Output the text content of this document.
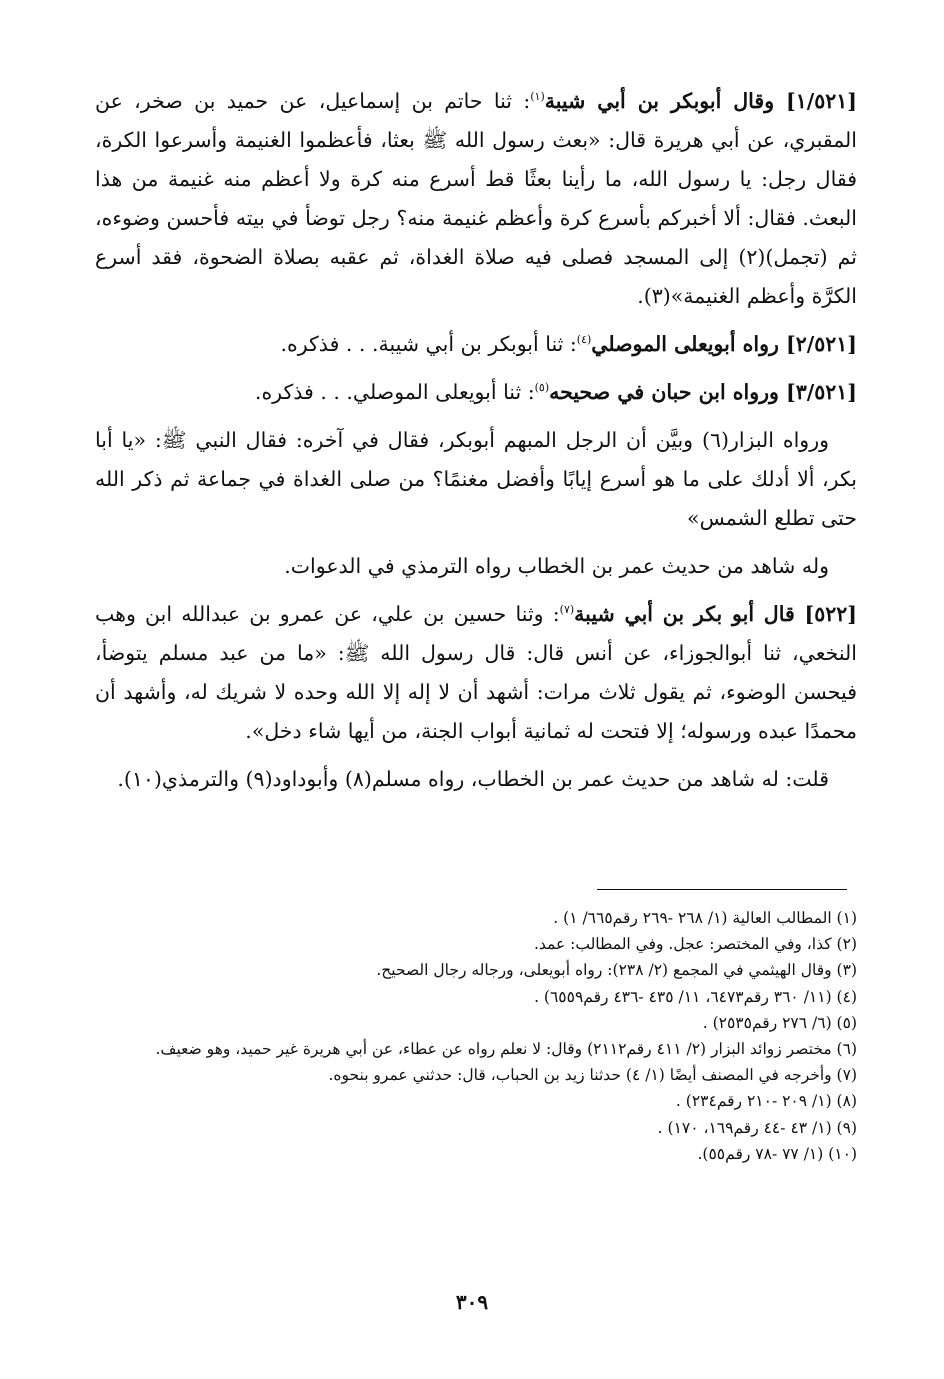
[١/٥٢١] وقال أبوبكر بن أبي شيبة$^{(١)}$: ثنا حاتم بن إسماعيل، عن حميد بن صخر، عن المقبري، عن أبي هريرة قال: «بعث رسول الله ﷺ بعثا، فأعظموا الغنيمة وأسرعوا الكرة، فقال رجل: يا رسول الله، ما رأينا بعثًا قط أسرع منه كرة ولا أعظم منه غنيمة من هذا البعث. فقال: ألا أخبركم بأسرع كرة وأعظم غنيمة منه؟ رجل توضأ في بيته فأحسن وضوءه، ثم (تجمل)(٢) إلى المسجد فصلى فيه صلاة الغداة، ثم عقبه بصلاة الضحوة، فقد أسرع الكرَّة وأعظم الغنيمة»(٣).

[٢/٥٢١] رواه أبويعلى الموصلي$^{(٤)}$: ثنا أبوبكر بن أبي شيبة. . . فذكره.

[٣/٥٢١] ورواه ابن حبان في صحيحه$^{(٥)}$: ثنا أبويعلى الموصلي. . . فذكره.

ورواه البزار(٦) وبيَّن أن الرجل المبهم أبوبكر، فقال في آخره: فقال النبي ﷺ: «يا أبا بكر، ألا أدلك على ما هو أسرع إيابًا وأفضل مغنمًا؟ من صلى الغداة في جماعة ثم ذكر الله حتى تطلع الشمس»

وله شاهد من حديث عمر بن الخطاب رواه الترمذي في الدعوات.

[٥٢٢] قال أبو بكر بن أبي شيبة$^{(٧)}$: وثنا حسين بن علي، عن عمرو بن عبدالله ابن وهب النخعي، ثنا أبوالجوزاء، عن أنس قال: قال رسول الله ﷺ: «ما من عبد مسلم يتوضأ، فيحسن الوضوء، ثم يقول ثلاث مرات: أشهد أن لا إله إلا الله وحده لا شريك له، وأشهد أن محمدًا عبده ورسوله؛ إلا فتحت له ثمانية أبواب الجنة، من أيها شاء دخل».

قلت: له شاهد من حديث عمر بن الخطاب، رواه مسلم(٨) وأبوداود(٩) والترمذي(١٠).

(١) المطالب العالية (١/ ٢٦٨ -٢٦٩ رقم٦٦٥/ ١) .

(٢) كذا، وفي المختصر: عجل. وفي المطالب: عمد.

(٣) وقال الهيثمي في المجمع (٢/ ٢٣٨): رواه أبويعلى، ورجاله رجال الصحيح.

(٤) (١١/ ٣٦٠ رقم٦٤٧٣، ١١/ ٤٣٥ -٤٣٦ رقم٦٥٥٩) .

(٥) (٦/ ٢٧٦ رقم٢٥٣٥) .

(٦) مختصر زوائد البزار (٢/ ٤١١ رقم٢١١٢) وقال: لا نعلم رواه عن عطاء، عن أبي هريرة غير حميد، وهو ضعيف.

(٧) وأخرجه في المصنف أيضًا (١/ ٤) حدثنا زيد بن الحباب، قال: حدثني عمرو بنحوه.

(٨) (١/ ٢٠٩ -٢١٠ رقم٢٣٤) .

(٩) (١/ ٤٣ -٤٤ رقم١٦٩، ١٧٠) .

(١٠) (١/ ٧٧ -٧٨ رقم٥٥).

٣٠٩
